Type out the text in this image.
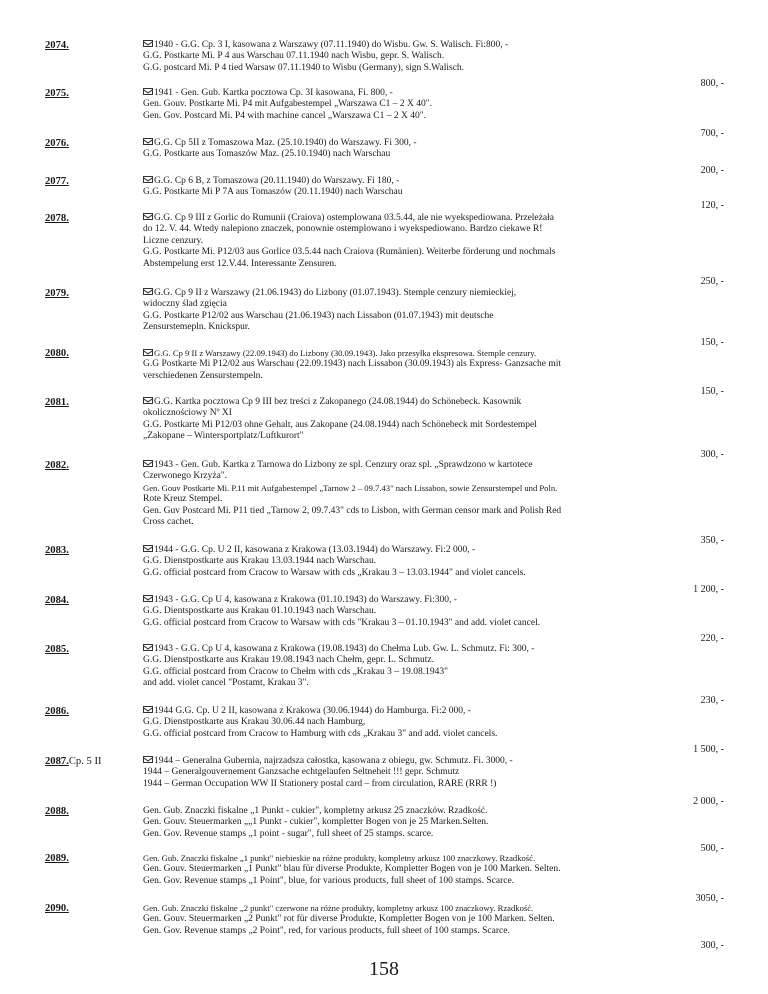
2074.	1940 - G.G. Cp. 3 I, kasowana z Warszawy (07.11.1940) do Wisbu. Gw. S. Walisch. Fi:800, -
G.G. Postkarte Mi. P 4 aus Warschau 07.11.1940 nach Wisbu, gepr. S. Walisch.
G.G. postcard Mi. P 4 tied Warsaw 07.11.1940 to Wisbu (Germany), sign S.Walisch.
800, -
2075.	1941 - Gen. Gub. Kartka pocztowa Cp. 3I kasowana, Fi. 800, -
Gen. Gouv. Postkarte Mi. P4 mit Aufgabestempel „Warszawa C1 – 2 X 40".
Gen. Gov. Postcard Mi. P4 with machine cancel „Warszawa C1 – 2 X 40".
700, -
2076.	G.G. Cp 5II z Tomaszowa Maz. (25.10.1940) do Warszawy. Fi 300, -
G.G. Postkarte aus Tomaszów Maz. (25.10.1940) nach Warschau
200, -
2077.	G.G. Cp 6 B, z Tomaszowa (20.11.1940) do Warszawy. Fi 180, -
G.G. Postkarte Mi P 7A aus Tomaszów (20.11.1940) nach Warschau
120, -
2078.	G.G. Cp 9 III z Gorlic do Rumunii (Craiova) ostemplowana 03.5.44, ale nie wyekspediowana. Przeleżała
do 12. V. 44. Wtedy nalepiono znaczek, ponownie ostemplowano i wyekspediowano. Bardzo ciekawe R!
Liczne cenzury.
G.G. Postkarte Mi. P12/03 aus Gorlice 03.5.44 nach Craiova (Rumänien). Weiterbe förderung und nochmals
Abstempelung erst 12.V.44. Interessante Zensuren.
250, -
2079.	G.G. Cp 9 II z Warszawy (21.06.1943) do Lizbony (01.07.1943). Stemple cenzury niemieckiej,
widoczny ślad zgięcia
G.G. Postkarte P12/02 aus Warschau (21.06.1943) nach Lissabon (01.07.1943) mit deutsche
Zensurstemepln. Knickspur.
150, -
2080.	G.G. Cp 9 II z Warszawy (22.09.1943) do Lizbony (30.09.1943). Jako przesyłka ekspresowa. Stemple cenzury.
G.G Postkarte Mi P12/02 aus Warschau (22.09.1943) nach Lissabon (30.09.1943) als Express- Ganzsache mit
verschiedenen Zensurstempeln.
150, -
2081.	G.G. Kartka pocztowa Cp 9 III bez treści z Zakopanego (24.08.1944) do Schönebeck. Kasownik
okolicznościowy Nº XI
G.G. Postkarte Mi P12/03 ohne Gehalt, aus Zakopane (24.08.1944) nach Schönebeck mit Sordestempel
„Zakopane – Wintersportplatz/Luftkurort"
300, -
2082.	1943 - Gen. Gub. Kartka z Tarnowa do Lizbony ze spl. Cenzury oraz spl. „Sprawdzono w kartotece
Czerwonego Krzyża".
Gen. Gouv Postkarte Mi. P.11 mit Aufgabestempel „Tarnow 2 – 09.7.43" nach Lissabon, sowie Zensurstempel und Poln.
Rote Kreuz Stempel.
Gen. Guv Postcard Mi. P11 tied „Tarnow 2, 09.7.43" cds to Lisbon, with German censor mark and Polish Red
Cross cachet.
350, -
2083.	1944 - G.G. Cp. U 2 II, kasowana z Krakowa (13.03.1944) do Warszawy. Fi:2 000, -
G.G. Dienstpostkarte aus Krakau 13.03.1944 nach Warschau.
G.G. official postcard from Cracow to Warsaw with cds „Krakau 3 – 13.03.1944" and violet cancels.
1 200, -
2084.	1943 - G.G. Cp U 4, kasowana z Krakowa (01.10.1943) do Warszawy. Fi:300, -
G.G. Dientspostkarte aus Krakau 01.10.1943 nach Warschau.
G.G. official postcard from Cracow to Warsaw with cds "Krakau 3 – 01.10.1943" and add. violet cancel.
220, -
2085.	1943 - G.G. Cp U 4, kasowana z Krakowa (19.08.1943) do Chełma Lub. Gw. L. Schmutz. Fi: 300, -
G.G. Dienstpostkarte aus Krakau 19.08.1943 nach Chełm, gepr. L. Schmutz.
G.G. official postcard from Cracow to Chełm with cds „Krakau 3 – 19.08.1943"
and add. violet cancel "Postamt, Krakau 3".
230, -
2086.	1944 G.G. Cp. U 2 II, kasowana z Krakowa (30.06.1944) do Hamburga. Fi:2 000, -
G.G. Dienstpostkarte aus Krakau 30.06.44 nach Hamburg,
G.G. official postcard from Cracow to Hamburg with cds „Krakau 3" and add. violet cancels.
1 500, -
2087.Cp. 5 II	1944 – Generalna Gubernia, najrzadsza całostka, kasowana z obiegu, gw. Schmutz. Fi. 3000, -
1944 – Generalgouvernement Ganzsache echtgelaufen Seltneheit !!! gepr. Schmutz
1944 – German Occupation WW II Stationery postal card – from circulation, RARE (RRR !)
2 000, -
2088.	Gen. Gub. Znaczki fiskalne „1 Punkt - cukier", kompletny arkusz 25 znaczków. Rzadkość.
Gen. Gouv. Steuermarken „„1 Punkt - cukier", kompletter Bogen von je 25 Marken.Selten.
Gen. Gov. Revenue stamps „1 point - sugar", full sheet of 25 stamps. scarce.
500, -
2089.	Gen. Gub. Znaczki fiskalne „1 punkt" niebieskie na różne produkty, kompletny arkusz 100 znaczkowy. Rzadkość.
Gen. Gouv. Steuermarken „1 Punkt" blau für diverse Produkte, Kompletter Bogen von je 100 Marken. Selten.
Gen. Gov. Revenue stamps „1 Point", blue, for various products, full sheet of 100 stamps. Scarce.
3050, -
2090.	Gen. Gub. Znaczki fiskalne „2 punkt" czerwone na różne produkty, kompletny arkusz 100 znaczkowy. Rzadkość.
Gen. Gouv. Steuermarken „2 Punkt" rot für diverse Produkte, Kompletter Bogen von je 100 Marken. Selten.
Gen. Gov. Revenue stamps „2 Point", red, for various products, full sheet of 100 stamps. Scarce.
300, -
158
